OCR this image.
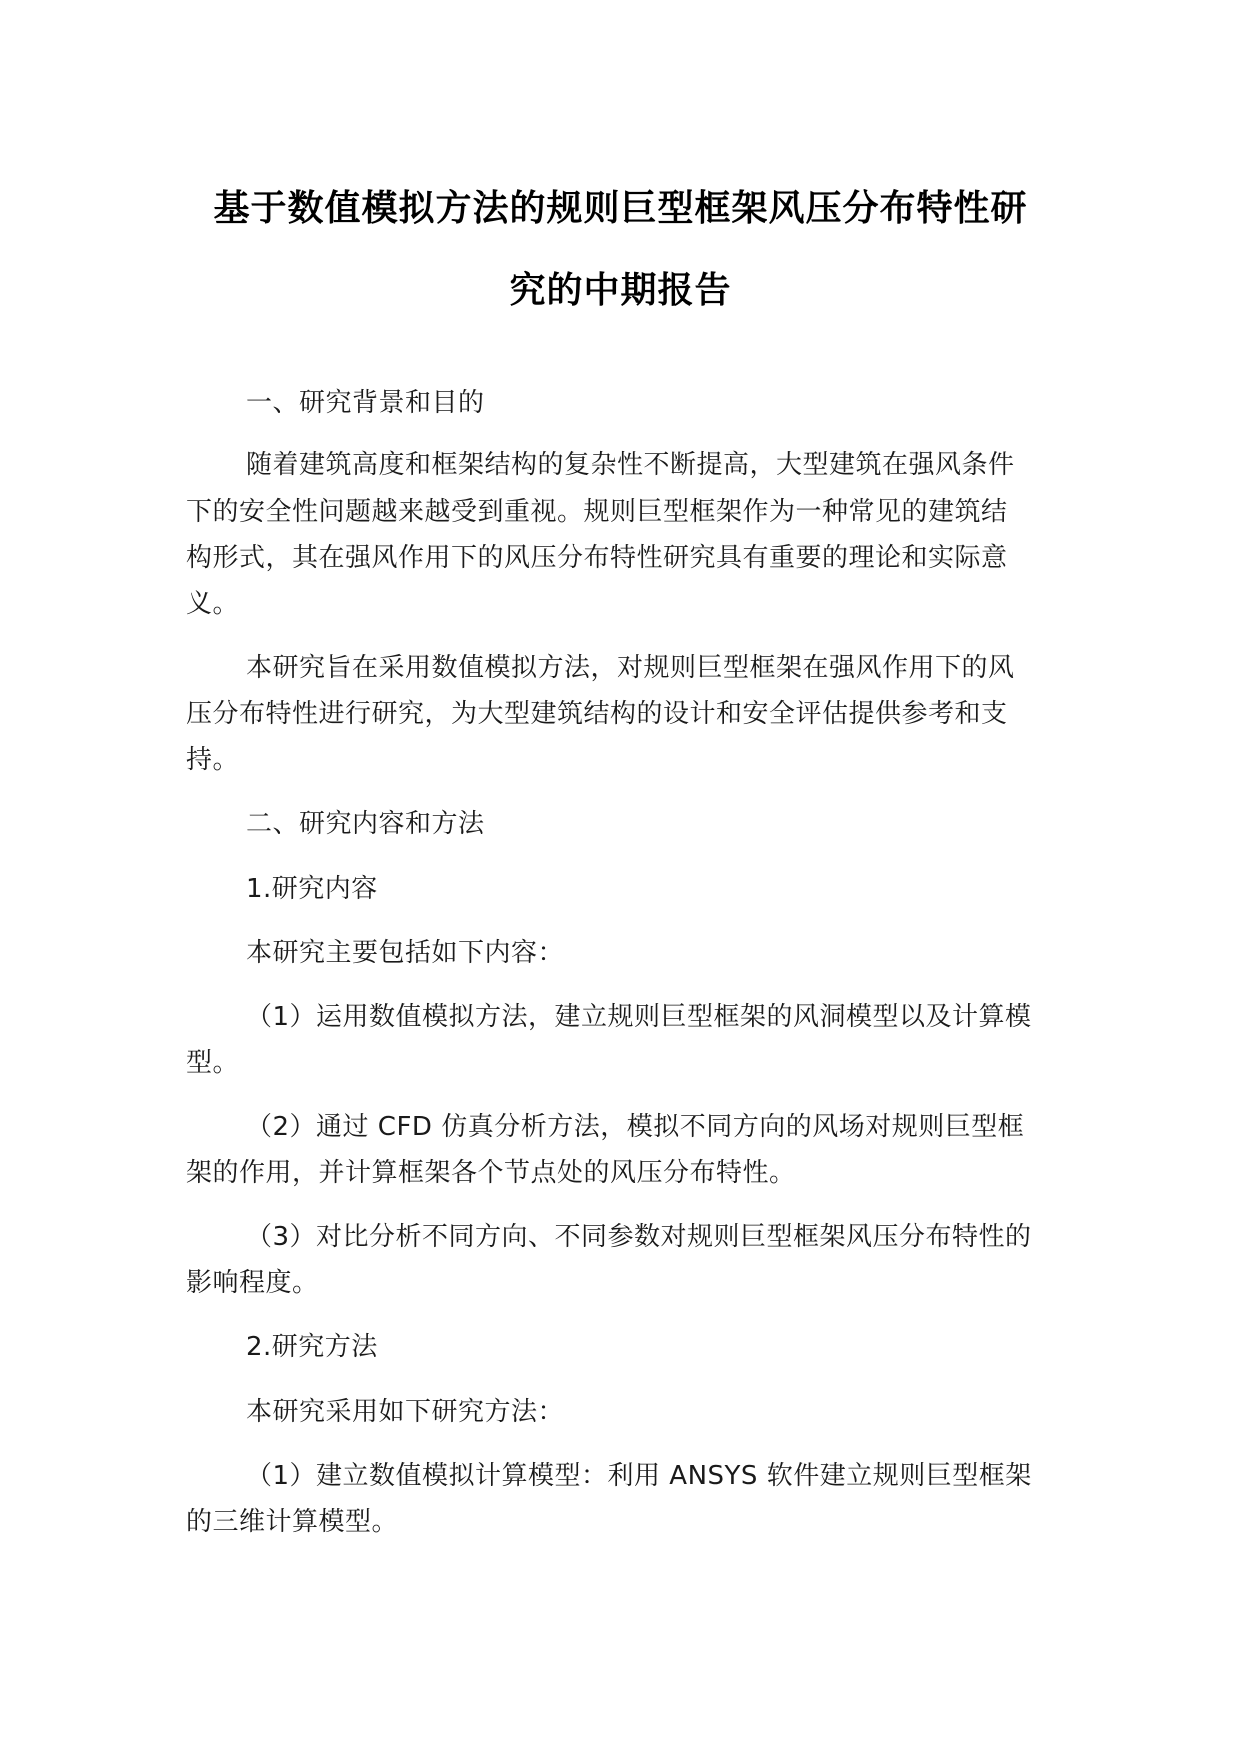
基于数值模拟方法的规则巨型框架风压分布特性研
究的中期报告
一、研究背景和目的
随着建筑高度和框架结构的复杂性不断提高，大型建筑在强风条件
下的安全性问题越来越受到重视。规则巨型框架作为一种常见的建筑结
构形式，其在强风作用下的风压分布特性研究具有重要的理论和实际意
义。
本研究旨在采用数值模拟方法，对规则巨型框架在强风作用下的风
压分布特性进行研究，为大型建筑结构的设计和安全评估提供参考和支
持。
二、研究内容和方法
1.研究内容
本研究主要包括如下内容：
（1）运用数值模拟方法，建立规则巨型框架的风洞模型以及计算模
型。
（2）通过 CFD 仿真分析方法，模拟不同方向的风场对规则巨型框
架的作用，并计算框架各个节点处的风压分布特性。
（3）对比分析不同方向、不同参数对规则巨型框架风压分布特性的
影响程度。
2.研究方法
本研究采用如下研究方法：
（1）建立数值模拟计算模型：利用 ANSYS 软件建立规则巨型框架
的三维计算模型。
